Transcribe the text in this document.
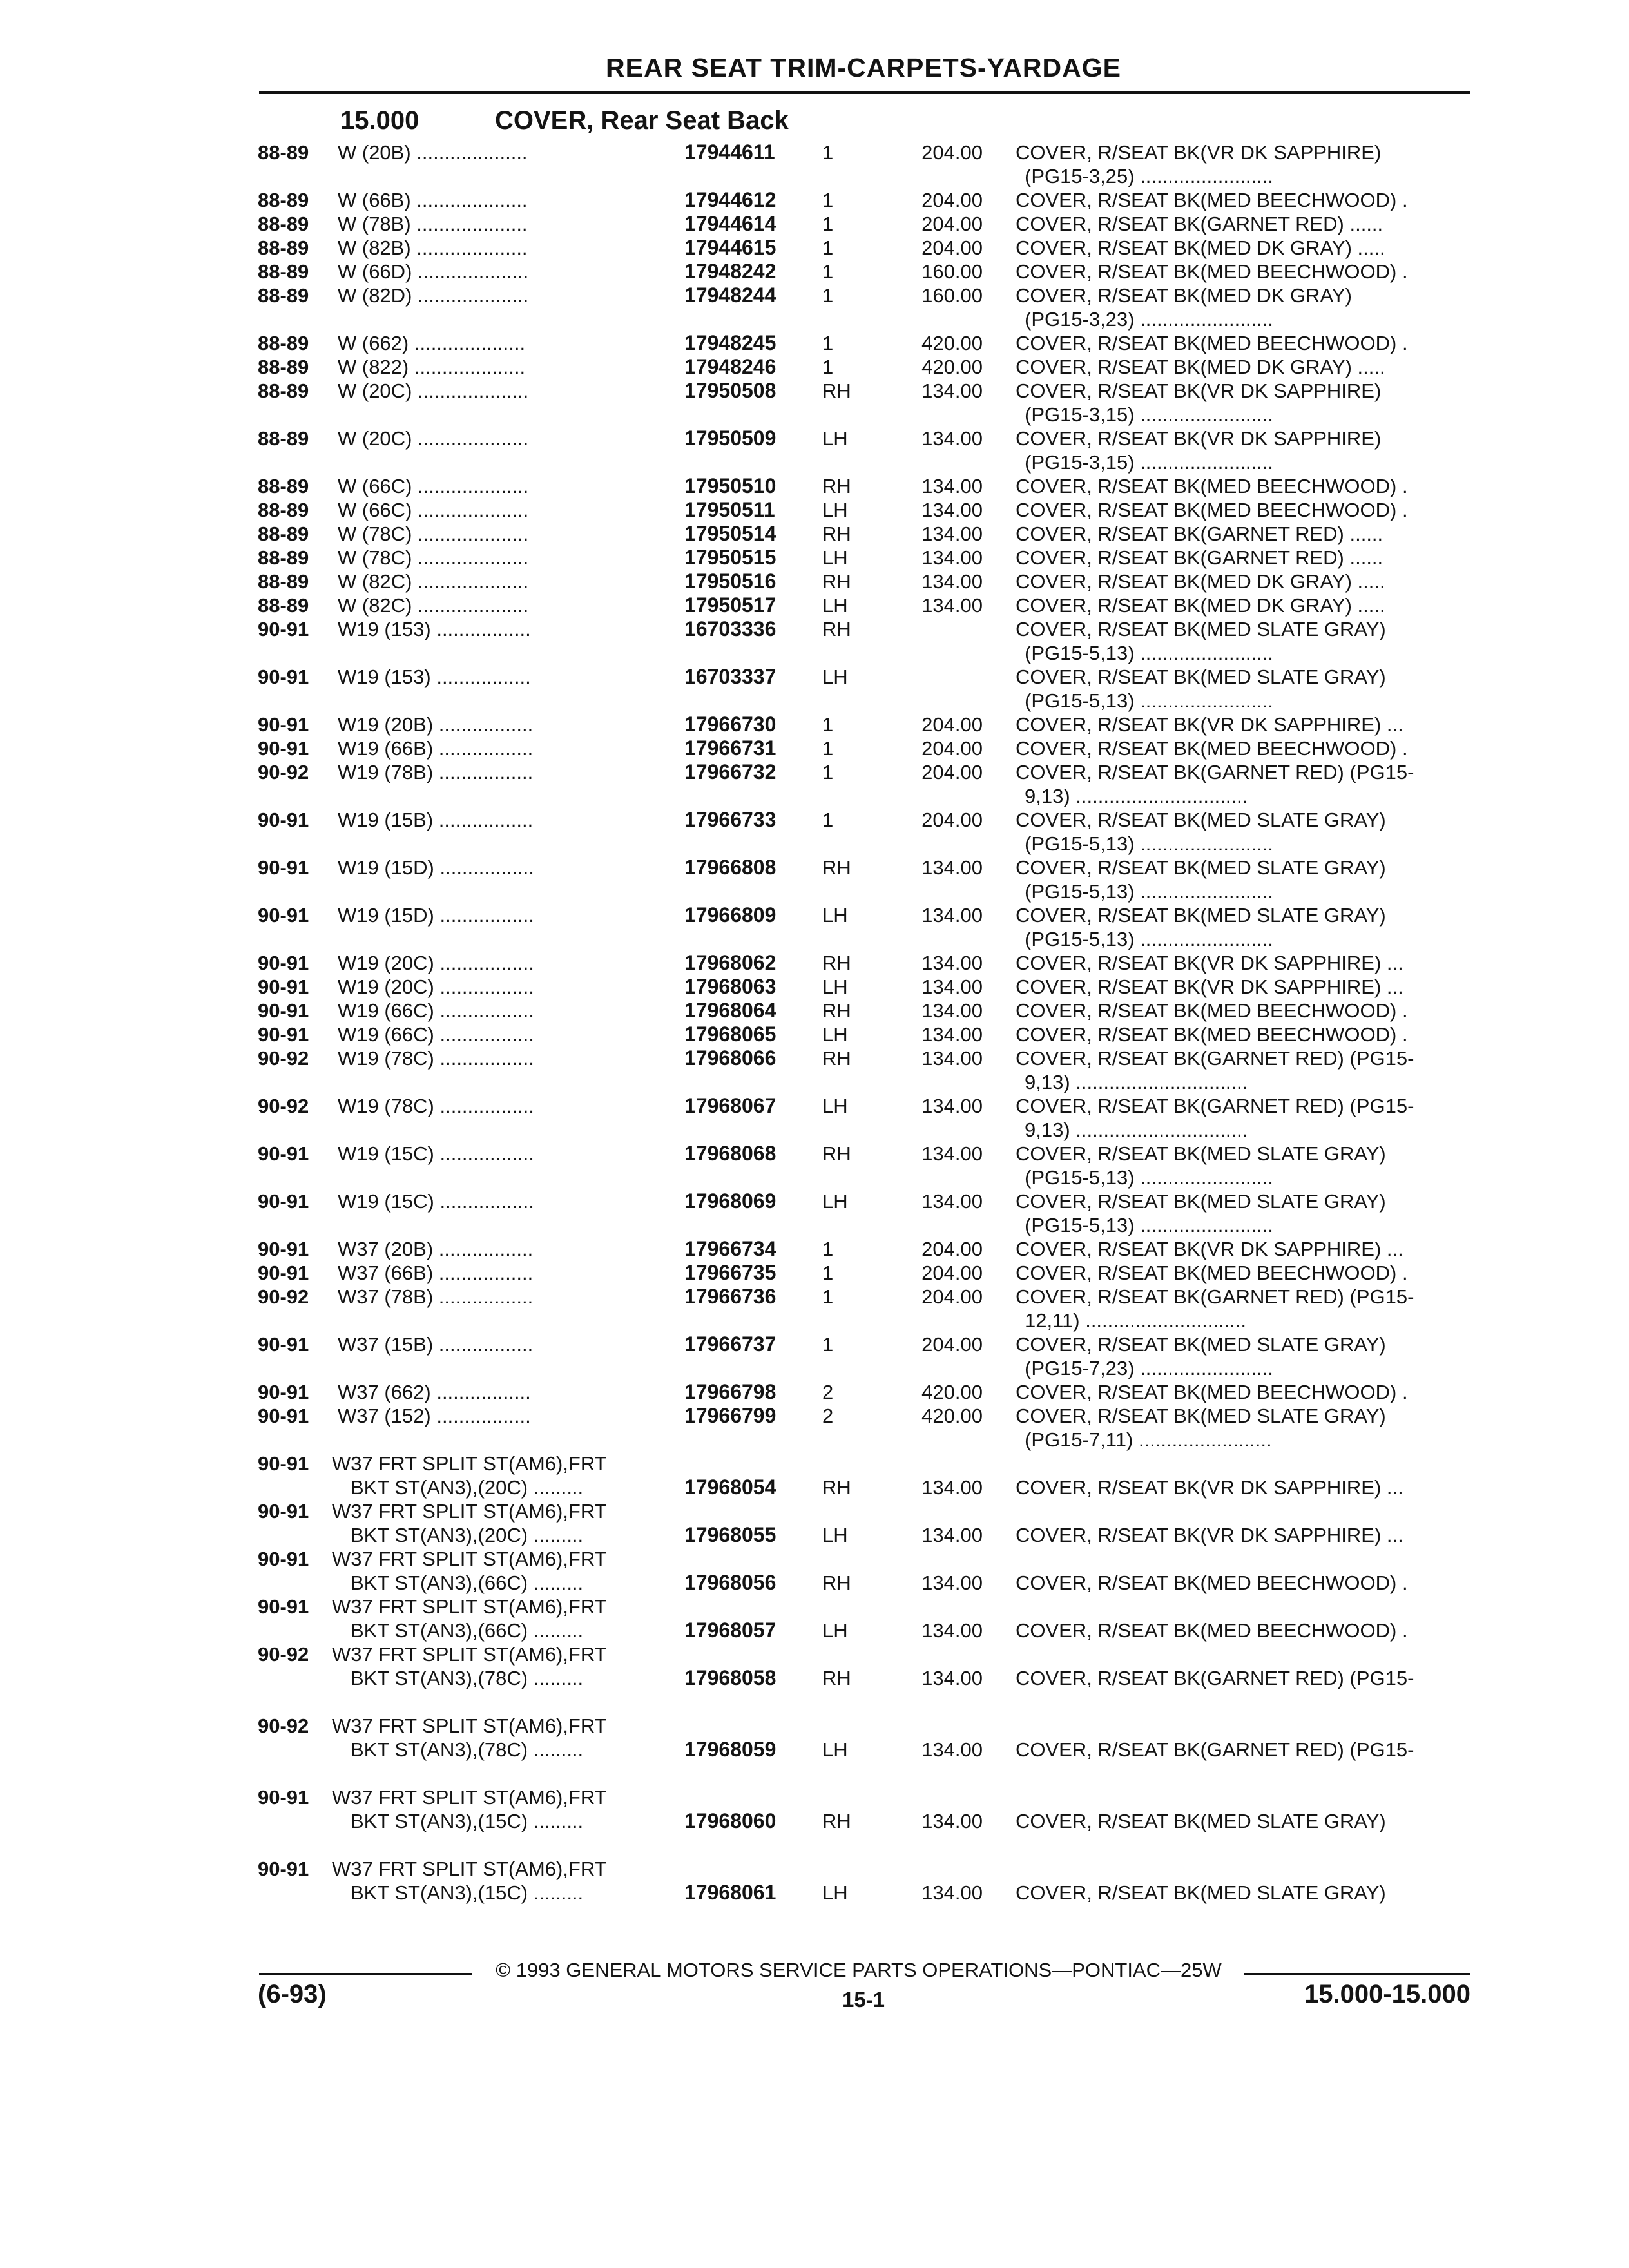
REAR SEAT TRIM-CARPETS-YARDAGE
15.000	COVER, Rear Seat Back
88-89 W (20B) ....................	17944611 1	204.00 COVER, R/SEAT BK(VR DK SAPPHIRE)
(PG15-3,25) ........................
88-89 W (66B) ....................	17944612 1	204.00 COVER, R/SEAT BK(MED BEECHWOOD) .
88-89 W (78B) ....................	17944614 1	204.00 COVER, R/SEAT BK(GARNET RED) ......
88-89 W (82B) ....................	17944615 1	204.00 COVER, R/SEAT BK(MED DK GRAY) .....
88-89 W (66D) ....................	17948242 1	160.00 COVER, R/SEAT BK(MED BEECHWOOD) .
88-89 W (82D) ....................	17948244 1	160.00 COVER, R/SEAT BK(MED DK GRAY)
(PG15-3,23) ........................
88-89 W (662) ....................	17948245 1	420.00 COVER, R/SEAT BK(MED BEECHWOOD) .
88-89 W (822) ....................	17948246 1	420.00 COVER, R/SEAT BK(MED DK GRAY) .....
88-89 W (20C) ....................	17950508 RH	134.00 COVER, R/SEAT BK(VR DK SAPPHIRE)
(PG15-3,15) ........................
88-89 W (20C) ....................	17950509 LH	134.00 COVER, R/SEAT BK(VR DK SAPPHIRE)
(PG15-3,15) ........................
88-89 W (66C) ....................	17950510 RH	134.00 COVER, R/SEAT BK(MED BEECHWOOD) .
88-89 W (66C) ....................	17950511 LH	134.00 COVER, R/SEAT BK(MED BEECHWOOD) .
88-89 W (78C) ....................	17950514 RH	134.00 COVER, R/SEAT BK(GARNET RED) ......
88-89 W (78C) ....................	17950515 LH	134.00 COVER, R/SEAT BK(GARNET RED) ......
88-89 W (82C) ....................	17950516 RH	134.00 COVER, R/SEAT BK(MED DK GRAY) .....
88-89 W (82C) ....................	17950517 LH	134.00 COVER, R/SEAT BK(MED DK GRAY) .....
90-91 W19 (153) .................	16703336 RH	COVER, R/SEAT BK(MED SLATE GRAY)
(PG15-5,13) ........................
90-91 W19 (153) .................	16703337 LH	COVER, R/SEAT BK(MED SLATE GRAY)
(PG15-5,13) ........................
90-91 W19 (20B) .................	17966730 1	204.00 COVER, R/SEAT BK(VR DK SAPPHIRE) ...
90-91 W19 (66B) .................	17966731 1	204.00 COVER, R/SEAT BK(MED BEECHWOOD) .
90-92 W19 (78B) .................	17966732 1	204.00 COVER, R/SEAT BK(GARNET RED) (PG15-
9,13) ...............................
90-91 W19 (15B) .................	17966733 1	204.00 COVER, R/SEAT BK(MED SLATE GRAY)
(PG15-5,13) ........................
90-91 W19 (15D) .................	17966808 RH	134.00 COVER, R/SEAT BK(MED SLATE GRAY)
(PG15-5,13) ........................
90-91 W19 (15D) .................	17966809 LH	134.00 COVER, R/SEAT BK(MED SLATE GRAY)
(PG15-5,13) ........................
90-91 W19 (20C) .................	17968062 RH	134.00 COVER, R/SEAT BK(VR DK SAPPHIRE) ...
90-91 W19 (20C) .................	17968063 LH	134.00 COVER, R/SEAT BK(VR DK SAPPHIRE) ...
90-91 W19 (66C) .................	17968064 RH	134.00 COVER, R/SEAT BK(MED BEECHWOOD) .
90-91 W19 (66C) .................	17968065 LH	134.00 COVER, R/SEAT BK(MED BEECHWOOD) .
90-92 W19 (78C) .................	17968066 RH	134.00 COVER, R/SEAT BK(GARNET RED) (PG15-
9,13) ...............................
90-92 W19 (78C) .................	17968067 LH	134.00 COVER, R/SEAT BK(GARNET RED) (PG15-
9,13) ...............................
90-91 W19 (15C) .................	17968068 RH	134.00 COVER, R/SEAT BK(MED SLATE GRAY)
(PG15-5,13) ........................
90-91 W19 (15C) .................	17968069 LH	134.00 COVER, R/SEAT BK(MED SLATE GRAY)
(PG15-5,13) ........................
90-91 W37 (20B) .................	17966734 1	204.00 COVER, R/SEAT BK(VR DK SAPPHIRE) ...
90-91 W37 (66B) .................	17966735 1	204.00 COVER, R/SEAT BK(MED BEECHWOOD) .
90-92 W37 (78B) .................	17966736 1	204.00 COVER, R/SEAT BK(GARNET RED) (PG15-
12,11) .............................
90-91 W37 (15B) .................	17966737 1	204.00 COVER, R/SEAT BK(MED SLATE GRAY)
(PG15-7,23) ........................
90-91 W37 (662) .................	17966798 2	420.00 COVER, R/SEAT BK(MED BEECHWOOD) .
90-91 W37 (152) .................	17966799 2	420.00 COVER, R/SEAT BK(MED SLATE GRAY)
(PG15-7,11) ........................
90-91 W37 FRT SPLIT ST(AM6),FRT
BKT ST(AN3),(20C) .........	17968054 RH	134.00 COVER, R/SEAT BK(VR DK SAPPHIRE) ...
90-91 W37 FRT SPLIT ST(AM6),FRT
BKT ST(AN3),(20C) .........	17968055 LH	134.00 COVER, R/SEAT BK(VR DK SAPPHIRE) ...
90-91 W37 FRT SPLIT ST(AM6),FRT
BKT ST(AN3),(66C) .........	17968056 RH	134.00 COVER, R/SEAT BK(MED BEECHWOOD) .
90-91 W37 FRT SPLIT ST(AM6),FRT
BKT ST(AN3),(66C) .........	17968057 LH	134.00 COVER, R/SEAT BK(MED BEECHWOOD) .
90-92 W37 FRT SPLIT ST(AM6),FRT
BKT ST(AN3),(78C) .........	17968058 RH	134.00 COVER, R/SEAT BK(GARNET RED) (PG15-
90-92 W37 FRT SPLIT ST(AM6),FRT
BKT ST(AN3),(78C) .........	17968059 LH	134.00 COVER, R/SEAT BK(GARNET RED) (PG15-
90-91 W37 FRT SPLIT ST(AM6),FRT
BKT ST(AN3),(15C) .........	17968060 RH	134.00 COVER, R/SEAT BK(MED SLATE GRAY)
90-91 W37 FRT SPLIT ST(AM6),FRT
BKT ST(AN3),(15C) .........	17968061 LH	134.00 COVER, R/SEAT BK(MED SLATE GRAY)
© 1993 GENERAL MOTORS SERVICE PARTS OPERATIONS—PONTIAC—25W
(6-93)	15-1	15.000-15.000
